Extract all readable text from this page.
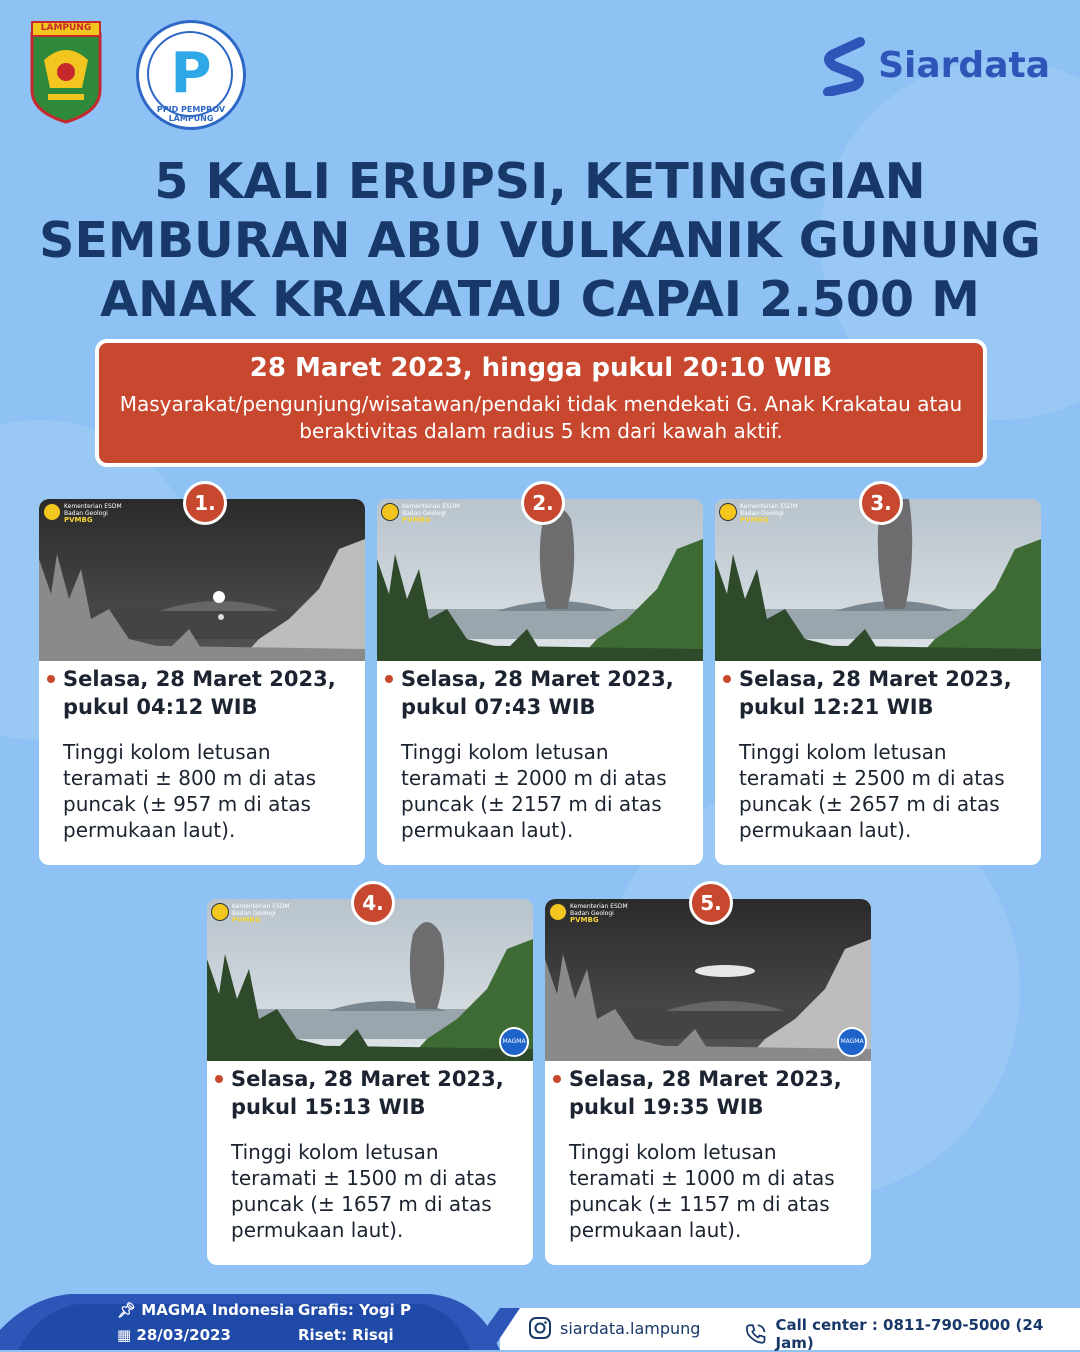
LAMPUNG
P
PPID PEMPROV LAMPUNG
Siardata
5 KALI ERUPSI, KETINGGIAN
SEMBURAN ABU VULKANIK GUNUNG
ANAK KRAKATAU CAPAI 2.500 M
28 Maret 2023, hingga pukul 20:10 WIB
Masyarakat/pengunjung/wisatawan/pendaki tidak mendekati G. Anak Krakatau atau beraktivitas dalam radius 5 km dari kawah aktif.
Kementerian ESDM
Badan Geologi
PVMBG
1.
Selasa, 28 Maret 2023, pukul 04:12 WIB
Tinggi kolom letusan teramati ± 800 m di atas puncak (± 957 m di atas permukaan laut).
Kementerian ESDM
Badan Geologi
PVMBG
2.
Selasa, 28 Maret 2023, pukul 07:43 WIB
Tinggi kolom letusan teramati ± 2000 m di atas puncak (± 2157 m di atas permukaan laut).
Kementerian ESDM
Badan Geologi
PVMBG
3.
Selasa, 28 Maret 2023, pukul 12:21 WIB
Tinggi kolom letusan teramati ± 2500 m di atas puncak (± 2657 m di atas permukaan laut).
Kementerian ESDM
Badan Geologi
PVMBG
MAGMA
4.
Selasa, 28 Maret 2023, pukul 15:13 WIB
Tinggi kolom letusan teramati ± 1500 m di atas puncak (± 1657 m di atas permukaan laut).
Kementerian ESDM
Badan Geologi
PVMBG
MAGMA
5.
Selasa, 28 Maret 2023, pukul 19:35 WIB
Tinggi kolom letusan teramati ± 1000 m di atas puncak (± 1157 m di atas permukaan laut).
📌︎ MAGMA Indonesia
▦ 28/03/2023
Grafis: Yogi P
Riset: Risqi	siardata.lampung	Call center : 0811-790-5000 (24 Jam)
